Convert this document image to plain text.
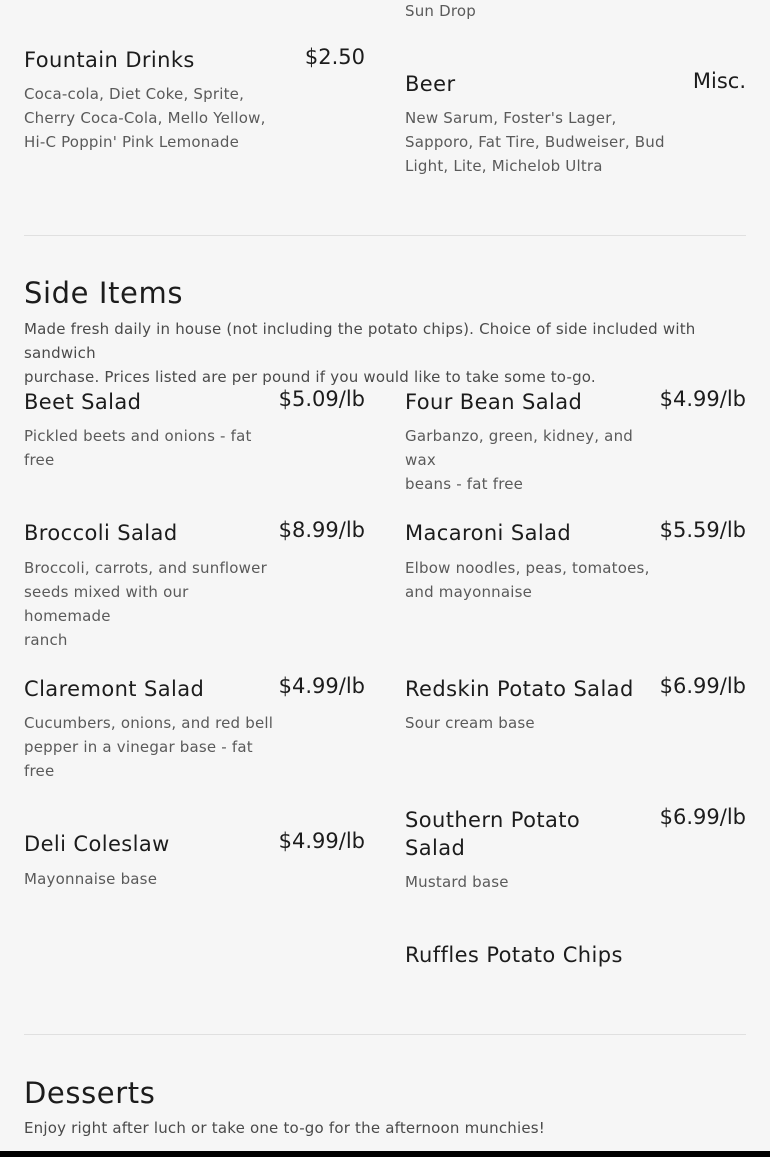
Sun Drop
Fountain Drinks	$2.50
Coca-cola, Diet Coke, Sprite,
Cherry Coca-Cola, Mello Yellow,
Hi-C Poppin' Pink Lemonade
Beer	Misc.
New Sarum, Foster's Lager,
Sapporo, Fat Tire, Budweiser, Bud
Light, Lite, Michelob Ultra
Side Items
Made fresh daily in house (not including the potato chips). Choice of side included with sandwich
purchase. Prices listed are per pound if you would like to take some to-go.
Beet Salad	$5.09/lb
Pickled beets and onions - fat
free
Four Bean Salad	$4.99/lb
Garbanzo, green, kidney, and wax
beans - fat free
Broccoli Salad	$8.99/lb
Broccoli, carrots, and sunflower
seeds mixed with our homemade
ranch
Macaroni Salad	$5.59/lb
Elbow noodles, peas, tomatoes,
and mayonnaise
Claremont Salad	$4.99/lb
Cucumbers, onions, and red bell
pepper in a vinegar base - fat
free
Redskin Potato Salad	$6.99/lb
Sour cream base
Deli Coleslaw	$4.99/lb
Mayonnaise base
Southern Potato
Salad
$6.99/lb
Mustard base
Ruffles Potato Chips
Desserts
Enjoy right after luch or take one to-go for the afternoon munchies!
